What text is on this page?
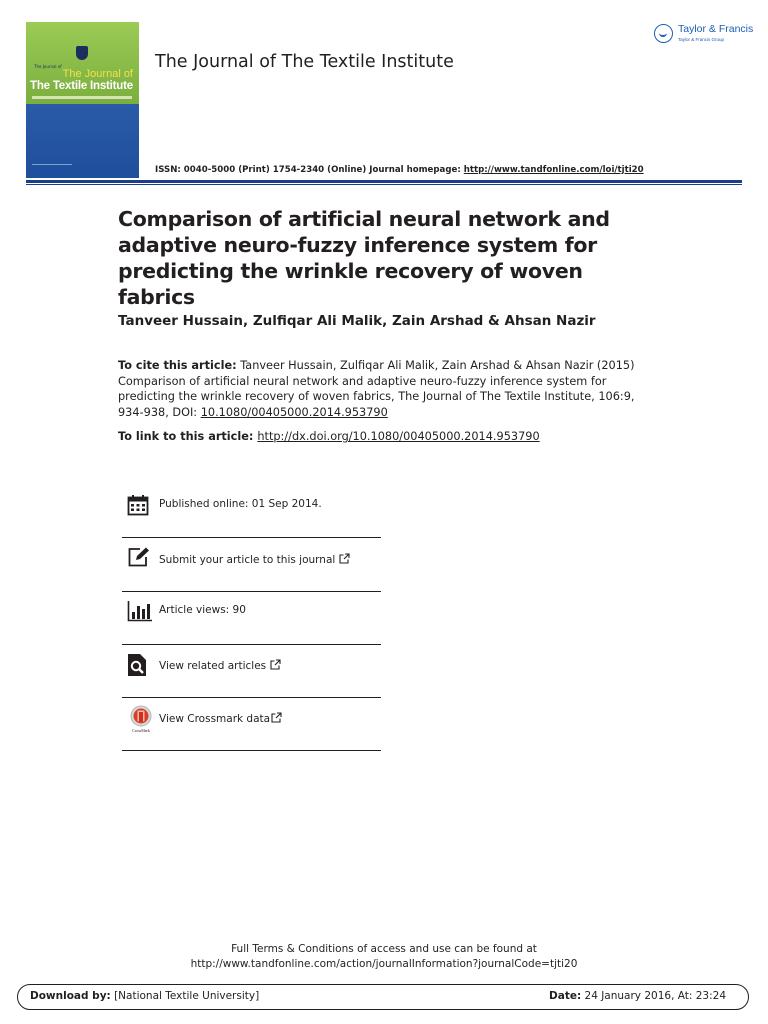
The Journal of
The Journal of
The Textile Institute
The Journal of The Textile Institute
Taylor & Francis
Taylor & Francis Group
ISSN: 0040-5000 (Print) 1754-2340 (Online) Journal homepage: http://www.tandfonline.com/loi/tjti20
Comparison of artificial neural network and adaptive neuro-fuzzy inference system for predicting the wrinkle recovery of woven fabrics
Tanveer Hussain, Zulfiqar Ali Malik, Zain Arshad & Ahsan Nazir
To cite this article: Tanveer Hussain, Zulfiqar Ali Malik, Zain Arshad & Ahsan Nazir (2015) Comparison of artificial neural network and adaptive neuro-fuzzy inference system for predicting the wrinkle recovery of woven fabrics, The Journal of The Textile Institute, 106:9, 934-938, DOI: 10.1080/00405000.2014.953790
To link to this article: http://dx.doi.org/10.1080/00405000.2014.953790
Published online: 01 Sep 2014.
Submit your article to this journal
Article views: 90
View related articles
CrossMark
View Crossmark data
Full Terms & Conditions of access and use can be found at
http://www.tandfonline.com/action/journalInformation?journalCode=tjti20
Download by: [National Textile University]	Date: 24 January 2016, At: 23:24
